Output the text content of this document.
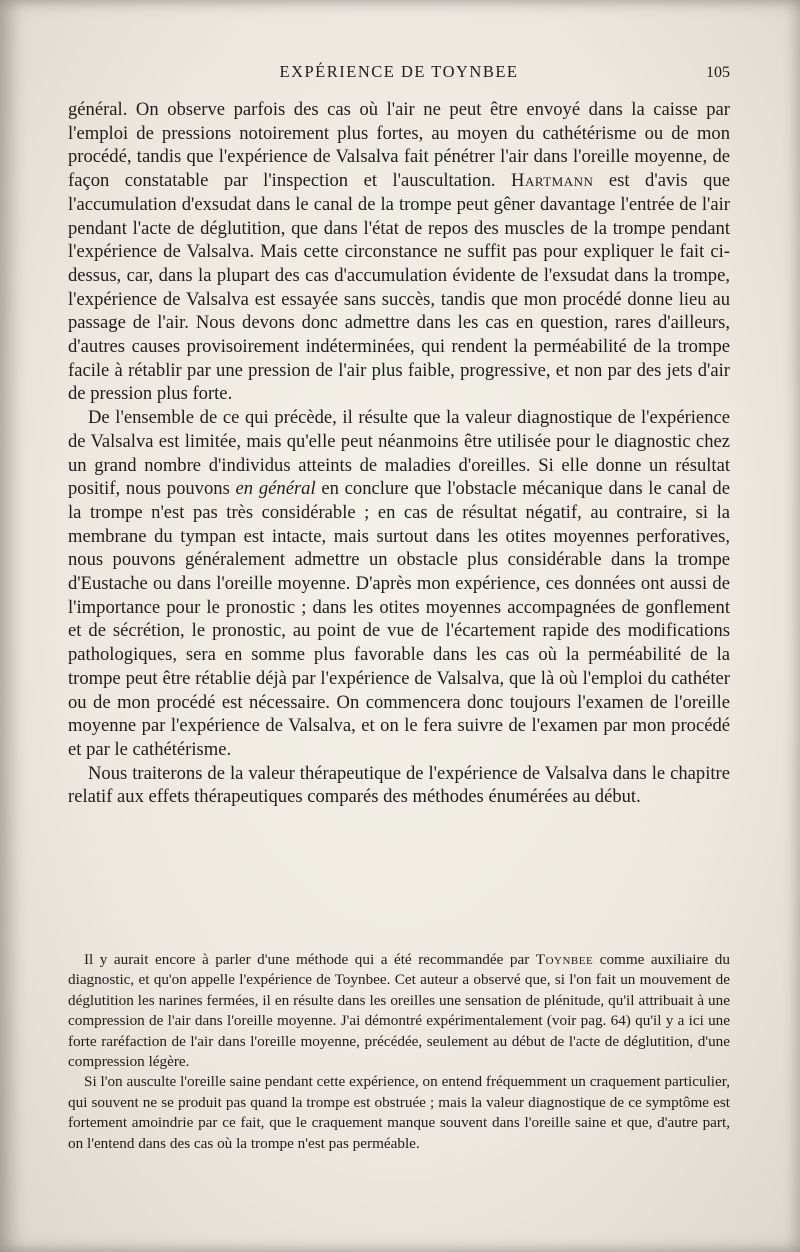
EXPÉRIENCE DE TOYNBEE	105

général. On observe parfois des cas où l'air ne peut être envoyé dans la caisse par l'emploi de pressions notoirement plus fortes, au moyen du cathétérisme ou de mon procédé, tandis que l'expérience de Valsalva fait pénétrer l'air dans l'oreille moyenne, de façon constatable par l'inspection et l'auscultation. Hartmann est d'avis que l'accumulation d'exsudat dans le canal de la trompe peut gêner davantage l'entrée de l'air pendant l'acte de déglutition, que dans l'état de repos des muscles de la trompe pendant l'expérience de Valsalva. Mais cette circonstance ne suffit pas pour expliquer le fait ci-dessus, car, dans la plupart des cas d'accumulation évidente de l'exsudat dans la trompe, l'expérience de Valsalva est essayée sans succès, tandis que mon procédé donne lieu au passage de l'air. Nous devons donc admettre dans les cas en question, rares d'ailleurs, d'autres causes provisoirement indéterminées, qui rendent la perméabilité de la trompe facile à rétablir par une pression de l'air plus faible, progressive, et non par des jets d'air de pression plus forte.

De l'ensemble de ce qui précède, il résulte que la valeur diagnostique de l'expérience de Valsalva est limitée, mais qu'elle peut néanmoins être utilisée pour le diagnostic chez un grand nombre d'individus atteints de maladies d'oreilles. Si elle donne un résultat positif, nous pouvons en général en conclure que l'obstacle mécanique dans le canal de la trompe n'est pas très considérable ; en cas de résultat négatif, au contraire, si la membrane du tympan est intacte, mais surtout dans les otites moyennes perforatives, nous pouvons généralement admettre un obstacle plus considérable dans la trompe d'Eustache ou dans l'oreille moyenne. D'après mon expérience, ces données ont aussi de l'importance pour le pronostic ; dans les otites moyennes accompagnées de gonflement et de sécrétion, le pronostic, au point de vue de l'écartement rapide des modifications pathologiques, sera en somme plus favorable dans les cas où la perméabilité de la trompe peut être rétablie déjà par l'expérience de Valsalva, que là où l'emploi du cathéter ou de mon procédé est nécessaire. On commencera donc toujours l'examen de l'oreille moyenne par l'expérience de Valsalva, et on le fera suivre de l'examen par mon procédé et par le cathétérisme.

Nous traiterons de la valeur thérapeutique de l'expérience de Valsalva dans le chapitre relatif aux effets thérapeutiques comparés des méthodes énumérées au début.

Il y aurait encore à parler d'une méthode qui a été recommandée par Toynbee comme auxiliaire du diagnostic, et qu'on appelle l'expérience de Toynbee. Cet auteur a observé que, si l'on fait un mouvement de déglutition les narines fermées, il en résulte dans les oreilles une sensation de plénitude, qu'il attribuait à une compression de l'air dans l'oreille moyenne. J'ai démontré expérimentalement (voir pag. 64) qu'il y a ici une forte raréfaction de l'air dans l'oreille moyenne, précédée, seulement au début de l'acte de déglutition, d'une compression légère.

Si l'on ausculte l'oreille saine pendant cette expérience, on entend fréquemment un craquement particulier, qui souvent ne se produit pas quand la trompe est obstruée ; mais la valeur diagnostique de ce symptôme est fortement amoindrie par ce fait, que le craquement manque souvent dans l'oreille saine et que, d'autre part, on l'entend dans des cas où la trompe n'est pas perméable.
